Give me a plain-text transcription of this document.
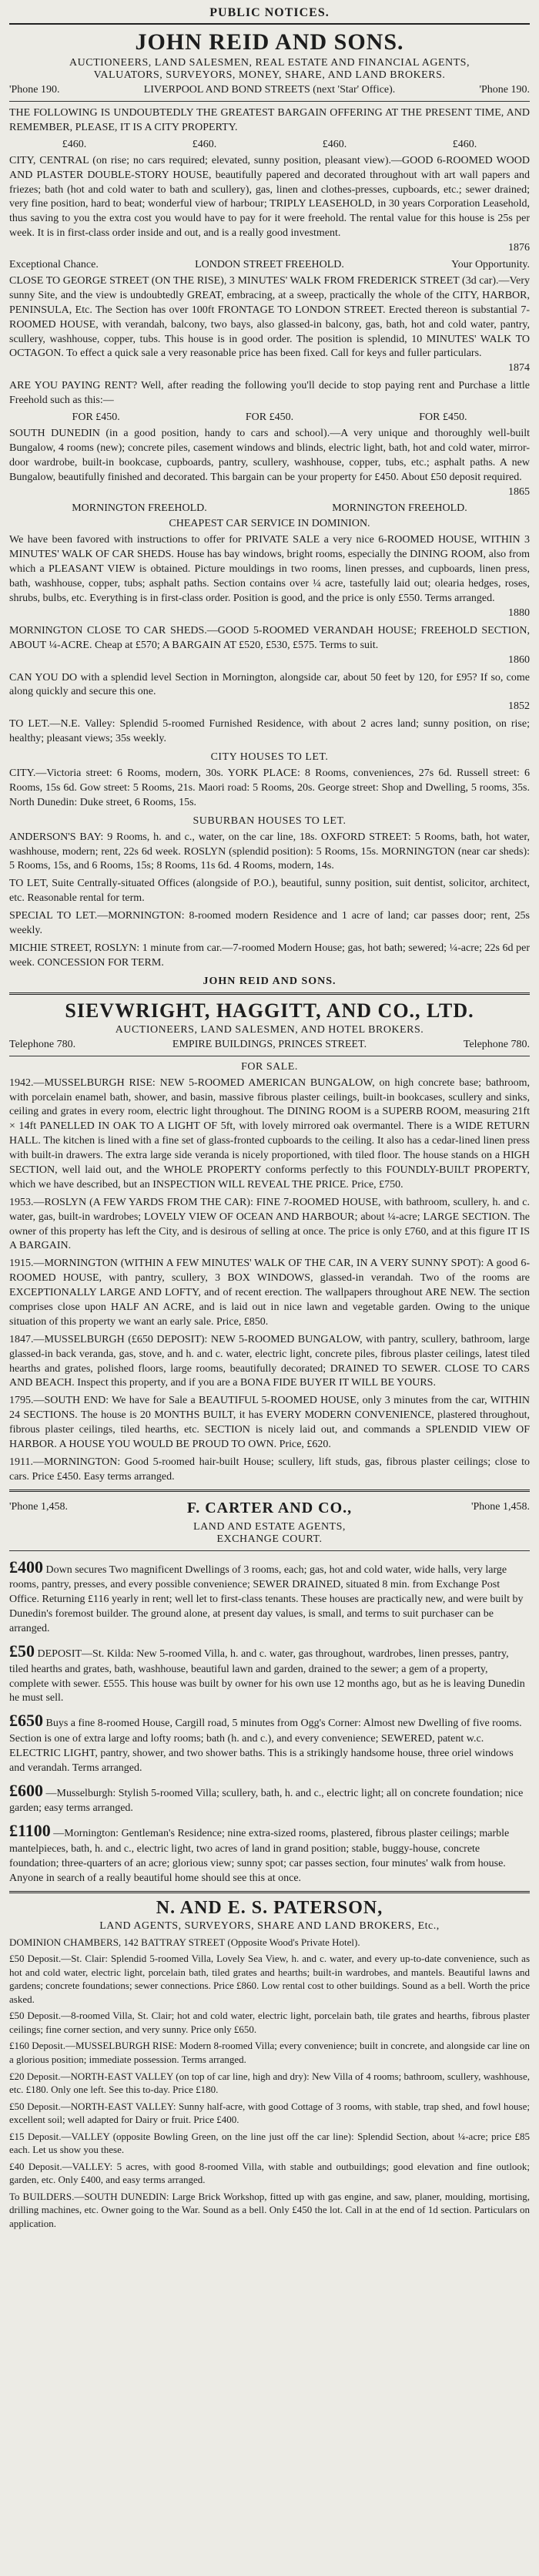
PUBLIC NOTICES.
JOHN REID AND SONS.
AUCTIONEERS, LAND SALESMEN, REAL ESTATE AND FINANCIAL AGENTS,
VALUATORS, SURVEYORS, MONEY, SHARE, AND LAND BROKERS.
'Phone 190.	LIVERPOOL AND BOND STREETS (next 'Star' Office).	'Phone 190.
THE FOLLOWING IS UNDOUBTEDLY THE GREATEST BARGAIN OFFERING AT THE PRESENT TIME, AND REMEMBER, PLEASE, IT IS A CITY PROPERTY.
£460.	£460.	£460.	£460.
CITY, CENTRAL (on rise; no cars required; elevated, sunny position, pleasant view).—GOOD 6-ROOMED WOOD AND PLASTER DOUBLE-STORY HOUSE, beautifully papered and decorated throughout with art wall papers and friezes; bath (hot and cold water to bath and scullery), gas, linen and clothes-presses, cupboards, etc.; sewer drained; very fine position, hard to beat; wonderful view of harbour; TRIPLY LEASEHOLD, in 30 years Corporation Leasehold, thus saving to you the extra cost you would have to pay for it were freehold. The rental value for this house is 25s per week. It is in first-class order inside and out, and is a really good investment.
1876
Exceptional Chance.	LONDON STREET FREEHOLD.	Your Opportunity.
CLOSE TO GEORGE STREET (ON THE RISE), 3 MINUTES' WALK FROM FREDERICK STREET (3d car).—Very sunny Site, and the view is undoubtedly GREAT, embracing, at a sweep, practically the whole of the CITY, HARBOR, PENINSULA, Etc. The Section has over 100ft FRONTAGE TO LONDON STREET. Erected thereon is substantial 7-ROOMED HOUSE, with verandah, balcony, two bays, also glassed-in balcony, gas, bath, hot and cold water, pantry, scullery, washhouse, copper, tubs. This house is in good order. The position is splendid, 10 MINUTES' WALK TO OCTAGON. To effect a quick sale a very reasonable price has been fixed. Call for keys and fuller particulars.
1874
ARE YOU PAYING RENT? Well, after reading the following you'll decide to stop paying rent and Purchase a little Freehold such as this:—
FOR £450.	FOR £450.	FOR £450.
SOUTH DUNEDIN (in a good position, handy to cars and school).—A very unique and thoroughly well-built Bungalow, 4 rooms (new); concrete piles, casement windows and blinds, electric light, bath, hot and cold water, mirror-door wardrobe, built-in bookcase, cupboards, pantry, scullery, washhouse, copper, tubs, etc.; asphalt paths. A new Bungalow, beautifully finished and decorated. This bargain can be your property for £450. About £50 deposit required.
1865
MORNINGTON FREEHOLD.	MORNINGTON FREEHOLD.
CHEAPEST CAR SERVICE IN DOMINION.
We have been favored with instructions to offer for PRIVATE SALE a very nice 6-ROOMED HOUSE, WITHIN 3 MINUTES' WALK OF CAR SHEDS. House has bay windows, bright rooms, especially the DINING ROOM, also from which a PLEASANT VIEW is obtained. Picture mouldings in two rooms, linen presses, and cupboards, linen press, bath, washhouse, copper, tubs; asphalt paths. Section contains over ¼ acre, tastefully laid out; olearia hedges, roses, shrubs, bulbs, etc. Everything is in first-class order. Position is good, and the price is only £550. Terms arranged.
1880
MORNINGTON CLOSE TO CAR SHEDS.—GOOD 5-ROOMED VERANDAH HOUSE; FREEHOLD SECTION, ABOUT ¼-ACRE. Cheap at £570; A BARGAIN AT £520, £530, £575. Terms to suit.
1860
CAN YOU DO with a splendid level Section in Mornington, alongside car, about 50 feet by 120, for £95? If so, come along quickly and secure this one.
1852
TO LET.—N.E. Valley: Splendid 5-roomed Furnished Residence, with about 2 acres land; sunny position, on rise; healthy; pleasant views; 35s weekly.
CITY HOUSES TO LET.
CITY.—Victoria street: 6 Rooms, modern, 30s. YORK PLACE: 8 Rooms, conveniences, 27s 6d. Russell street: 6 Rooms, 15s 6d. Gow street: 5 Rooms, 21s. Maori road: 5 Rooms, 20s. George street: Shop and Dwelling, 5 rooms, 35s. North Dunedin: Duke street, 6 Rooms, 15s.
SUBURBAN HOUSES TO LET.
ANDERSON'S BAY: 9 Rooms, h. and c., water, on the car line, 18s. OXFORD STREET: 5 Rooms, bath, hot water, washhouse, modern; rent, 22s 6d week. ROSLYN (splendid position): 5 Rooms, 15s. MORNINGTON (near car sheds): 5 Rooms, 15s, and 6 Rooms, 15s; 8 Rooms, 11s 6d. 4 Rooms, modern, 14s.
TO LET, Suite Centrally-situated Offices (alongside of P.O.), beautiful, sunny position, suit dentist, solicitor, architect, etc. Reasonable rental for term.
SPECIAL TO LET.—MORNINGTON: 8-roomed modern Residence and 1 acre of land; car passes door; rent, 25s weekly.
MICHIE STREET, ROSLYN: 1 minute from car.—7-roomed Modern House; gas, hot bath; sewered; ¼-acre; 22s 6d per week. CONCESSION FOR TERM.
JOHN REID AND SONS.
SIEVWRIGHT, HAGGITT, AND CO., LTD.
AUCTIONEERS, LAND SALESMEN, AND HOTEL BROKERS.
Telephone 780.	EMPIRE BUILDINGS, PRINCES STREET.	Telephone 780.
FOR SALE.
1942.—MUSSELBURGH RISE: NEW 5-ROOMED AMERICAN BUNGALOW, on high concrete base; bathroom, with porcelain enamel bath, shower, and basin, massive fibrous plaster ceilings, built-in bookcases, scullery and sinks, ceiling and grates in every room, electric light throughout. The DINING ROOM is a SUPERB ROOM, measuring 21ft × 14ft PANELLED IN OAK TO A LIGHT OF 5ft, with lovely mirrored oak overmantel. There is a WIDE RETURN HALL. The kitchen is lined with a fine set of glass-fronted cupboards to the ceiling. It also has a cedar-lined linen press with built-in drawers. The extra large side veranda is nicely proportioned, with tiled floor. The house stands on a HIGH SECTION, well laid out, and the WHOLE PROPERTY conforms perfectly to this FOUNDLY-BUILT PROPERTY, which we have described, but an INSPECTION WILL REVEAL THE PRICE. Price, £750.
1953.—ROSLYN (A FEW YARDS FROM THE CAR): FINE 7-ROOMED HOUSE, with bathroom, scullery, h. and c. water, gas, built-in wardrobes; LOVELY VIEW OF OCEAN AND HARBOUR; about ¼-acre; LARGE SECTION. The owner of this property has left the City, and is desirous of selling at once. The price is only £760, and at this figure IT IS A BARGAIN.
1915.—MORNINGTON (WITHIN A FEW MINUTES' WALK OF THE CAR, IN A VERY SUNNY SPOT): A good 6-ROOMED HOUSE, with pantry, scullery, 3 BOX WINDOWS, glassed-in verandah. Two of the rooms are EXCEPTIONALLY LARGE AND LOFTY, and of recent erection. The wallpapers throughout ARE NEW. The section comprises close upon HALF AN ACRE, and is laid out in nice lawn and vegetable garden. Owing to the unique situation of this property we want an early sale. Price, £850.
1847.—MUSSELBURGH (£650 DEPOSIT): NEW 5-ROOMED BUNGALOW, with pantry, scullery, bathroom, large glassed-in back veranda, gas, stove, and h. and c. water, electric light, concrete piles, fibrous plaster ceilings, latest tiled hearths and grates, polished floors, large rooms, beautifully decorated; DRAINED TO SEWER. CLOSE TO CARS AND BEACH. Inspect this property, and if you are a BONA FIDE BUYER IT WILL BE YOURS.
1795.—SOUTH END: We have for Sale a BEAUTIFUL 5-ROOMED HOUSE, only 3 minutes from the car, WITHIN 24 SECTIONS. The house is 20 MONTHS BUILT, it has EVERY MODERN CONVENIENCE, plastered throughout, fibrous plaster ceilings, tiled hearths, etc. SECTION is nicely laid out, and commands a SPLENDID VIEW OF HARBOR. A HOUSE YOU WOULD BE PROUD TO OWN. Price, £620.
1911.—MORNINGTON: Good 5-roomed hair-built House; scullery, lift studs, gas, fibrous plaster ceilings; close to cars. Price £450. Easy terms arranged.
'Phone 1,458.	F. CARTER AND CO.,	'Phone 1,458.
LAND AND ESTATE AGENTS,
EXCHANGE COURT.
£400 Down secures Two magnificent Dwellings of 3 rooms, each; gas, hot and cold water, wide halls, very large rooms, pantry, presses, and every possible convenience; SEWER DRAINED, situated 8 min. from Exchange Post Office. Returning £116 yearly in rent; well let to first-class tenants. These houses are practically new, and were built by Dunedin's foremost builder. The ground alone, at present day values, is small, and terms to suit purchaser can be arranged.
£50 DEPOSIT—St. Kilda: New 5-roomed Villa, h. and c. water, gas throughout, wardrobes, linen presses, pantry, tiled hearths and grates, bath, washhouse, beautiful lawn and garden, drained to the sewer; a gem of a property, complete with sewer. £555. This house was built by owner for his own use 12 months ago, but as he is leaving Dunedin he must sell.
£650 Buys a fine 8-roomed House, Cargill road, 5 minutes from Ogg's Corner: Almost new Dwelling of five rooms. Section is one of extra large and lofty rooms; bath (h. and c.), and every convenience; SEWERED, patent w.c. ELECTRIC LIGHT, pantry, shower, and two shower baths. This is a strikingly handsome house, three oriel windows and verandah. Terms arranged.
£600 —Musselburgh: Stylish 5-roomed Villa; scullery, bath, h. and c., electric light; all on concrete foundation; nice garden; easy terms arranged.
£1100 —Mornington: Gentleman's Residence; nine extra-sized rooms, plastered, fibrous plaster ceilings; marble mantelpieces, bath, h. and c., electric light, two acres of land in grand position; stable, buggy-house, concrete foundation; three-quarters of an acre; glorious view; sunny spot; car passes section, four minutes' walk from house. Anyone in search of a really beautiful home should see this at once.
N. AND E. S. PATERSON,
LAND AGENTS, SURVEYORS, SHARE AND LAND BROKERS, Etc.,
DOMINION CHAMBERS, 142 BATTRAY STREET (Opposite Wood's Private Hotel).
£50 Deposit.—St. Clair: Splendid 5-roomed Villa, Lovely Sea View, h. and c. water, and every up-to-date convenience, such as hot and cold water, electric light, porcelain bath, tiled grates and hearths; built-in wardrobes, and mantels. Beautiful lawns and gardens; concrete foundations; sewer connections. Price £860. Low rental cost to other buildings. Sound as a bell. Worth the price asked.
£50 Deposit.—8-roomed Villa, St. Clair; hot and cold water, electric light, porcelain bath, tile grates and hearths, fibrous plaster ceilings; fine corner section, and very sunny. Price only £650.
£160 Deposit.—MUSSELBURGH RISE: Modern 8-roomed Villa; every convenience; built in concrete, and alongside car line on a glorious position; immediate possession. Terms arranged.
£20 Deposit.—NORTH-EAST VALLEY (on top of car line, high and dry): New Villa of 4 rooms; bathroom, scullery, washhouse, etc. £180. Only one left. See this to-day. Price £180.
£50 Deposit.—NORTH-EAST VALLEY: Sunny half-acre, with good Cottage of 3 rooms, with stable, trap shed, and fowl house; excellent soil; well adapted for Dairy or fruit. Price £400.
£15 Deposit.—VALLEY (opposite Bowling Green, on the line just off the car line): Splendid Section, about ¼-acre; price £85 each. Let us show you these.
£40 Deposit.—VALLEY: 5 acres, with good 8-roomed Villa, with stable and outbuildings; good elevation and fine outlook; garden, etc. Only £400, and easy terms arranged.
To BUILDERS.—SOUTH DUNEDIN: Large Brick Workshop, fitted up with gas engine, and saw, planer, moulding, mortising, drilling machines, etc. Owner going to the War. Sound as a bell. Only £450 the lot. Call in at the end of 1d section. Particulars on application.
